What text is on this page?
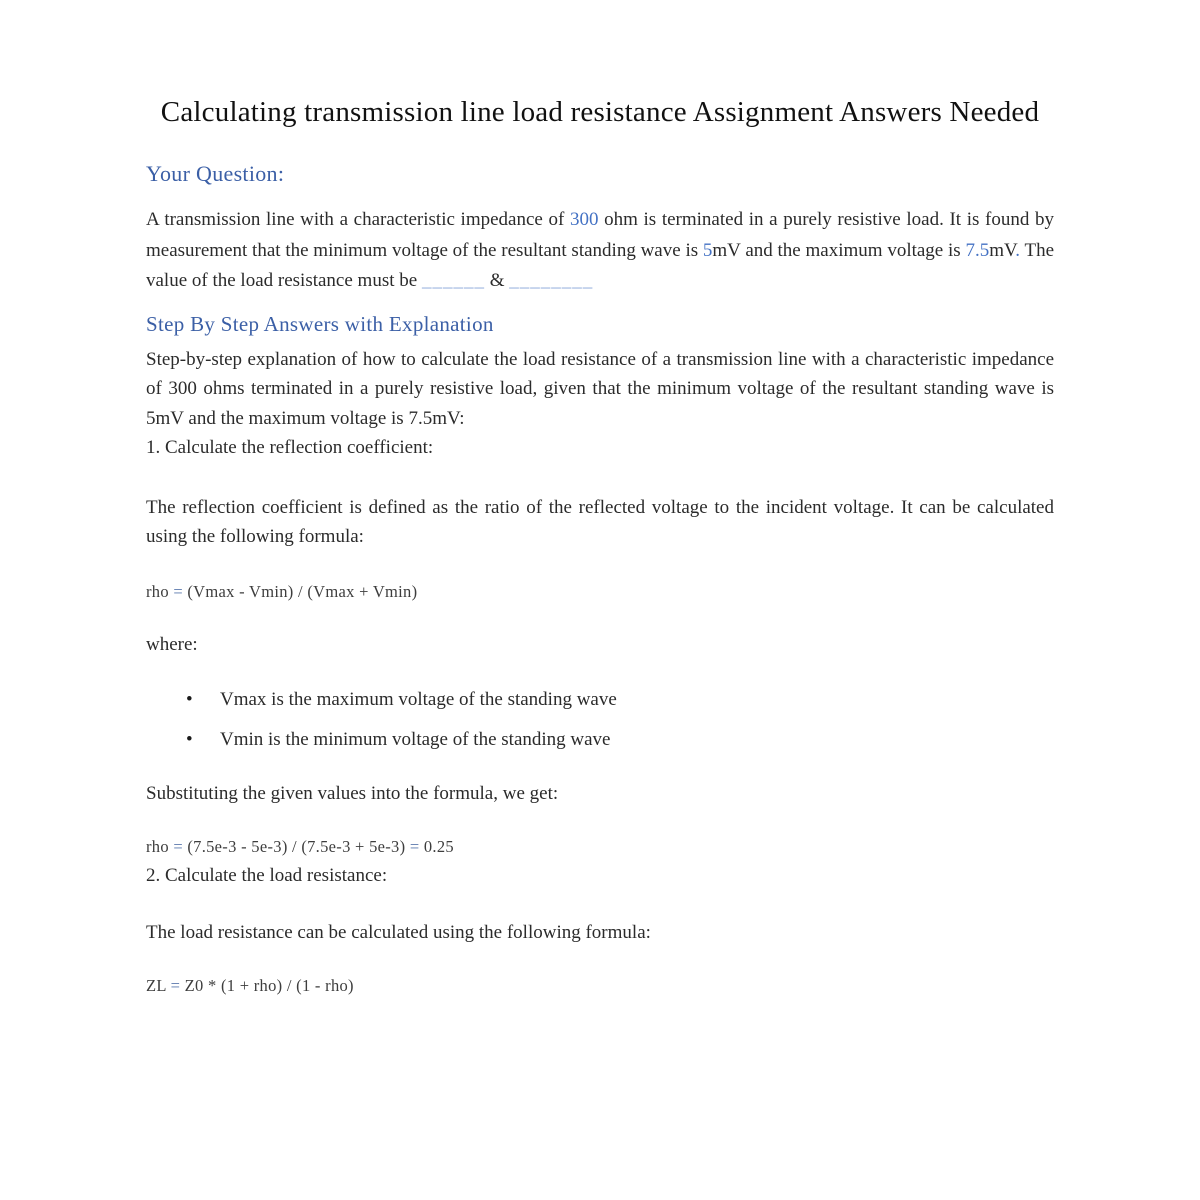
Calculating transmission line load resistance Assignment Answers Needed
Your Question:

A transmission line with a characteristic impedance of 300 ohm is terminated in a purely resistive load. It is found by measurement that the minimum voltage of the resultant standing wave is 5mV and the maximum voltage is 7.5mV. The value of the load resistance must be ______ & ________

Step By Step Answers with Explanation

Step-by-step explanation of how to calculate the load resistance of a transmission line with a characteristic impedance of 300 ohms terminated in a purely resistive load, given that the minimum voltage of the resultant standing wave is 5mV and the maximum voltage is 7.5mV:

1. Calculate the reflection coefficient:

The reflection coefficient is defined as the ratio of the reflected voltage to the incident voltage. It can be calculated using the following formula:

rho = (Vmax - Vmin) / (Vmax + Vmin)

where:

• Vmax is the maximum voltage of the standing wave
• Vmin is the minimum voltage of the standing wave

Substituting the given values into the formula, we get:

rho = (7.5e-3 - 5e-3) / (7.5e-3 + 5e-3) = 0.25

2. Calculate the load resistance:

The load resistance can be calculated using the following formula:

ZL = Z0 * (1 + rho) / (1 - rho)
